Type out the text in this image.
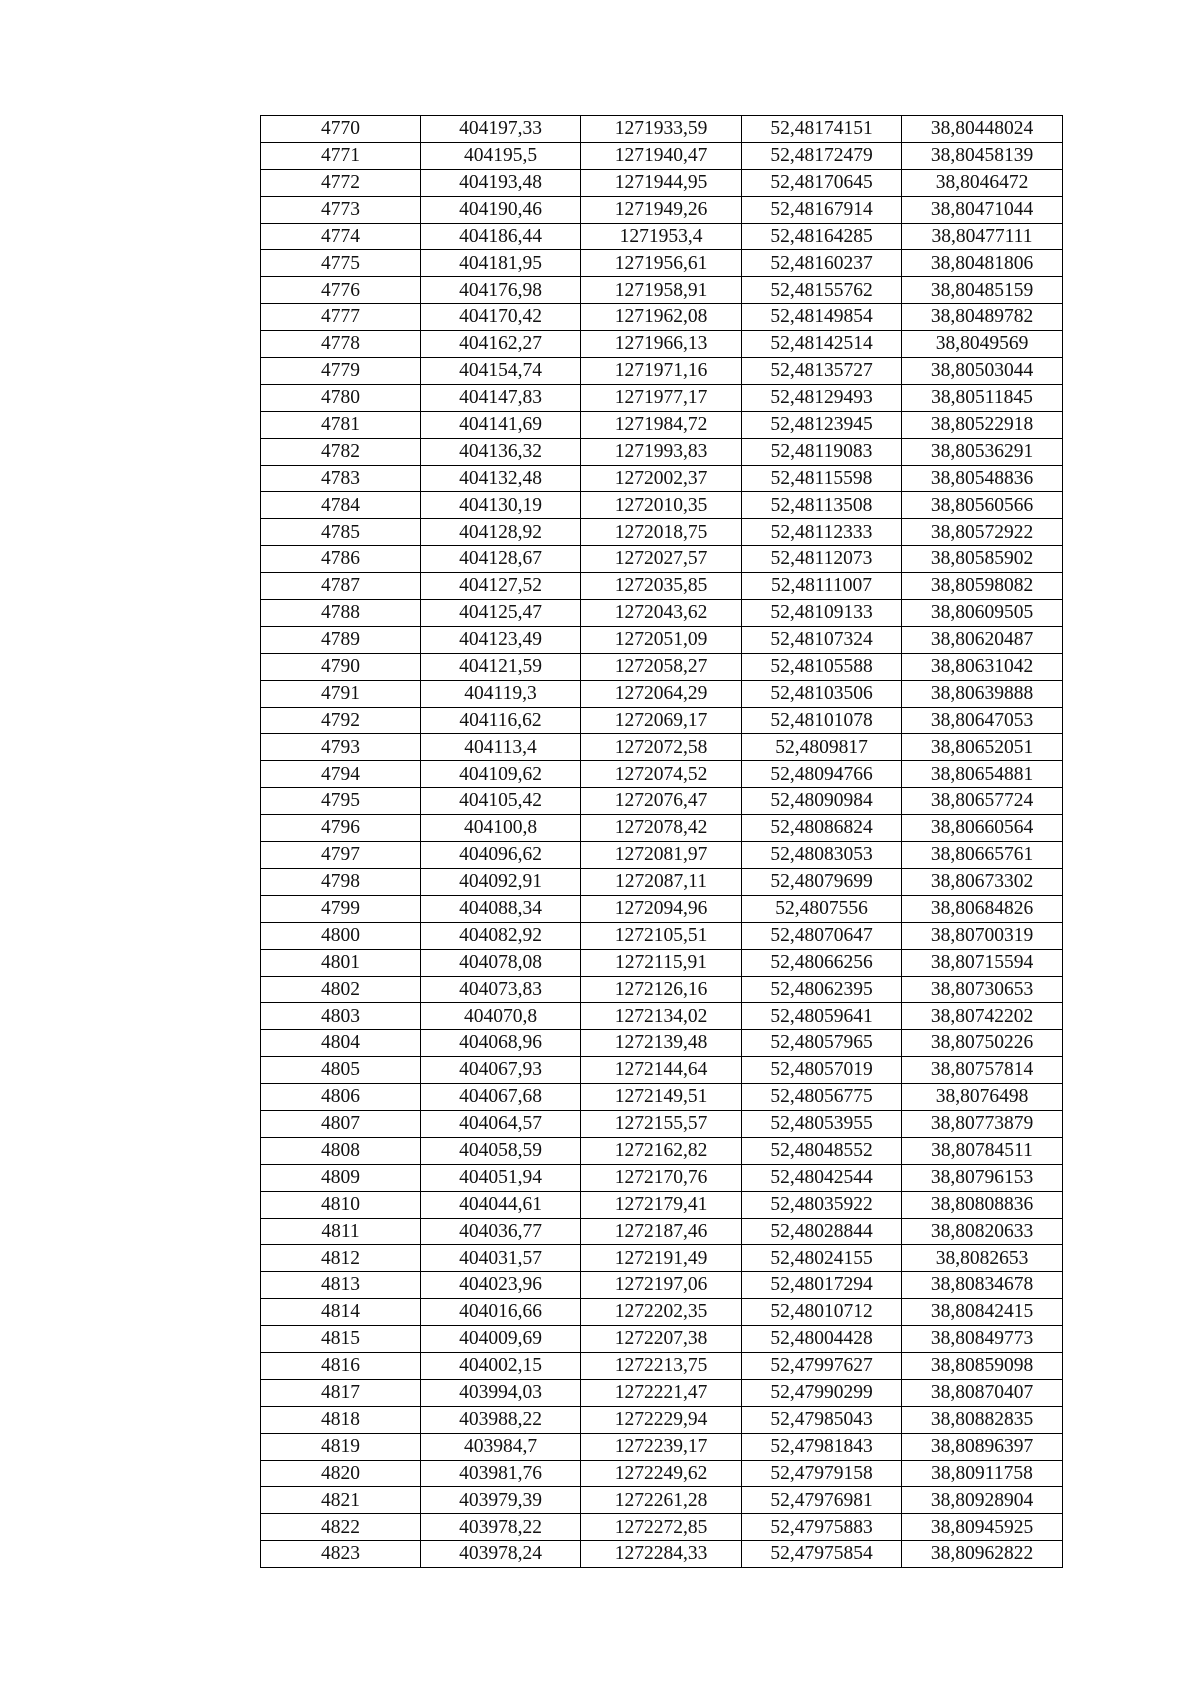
4770	404197,33	1271933,59	52,48174151	38,80448024
4771	404195,5	1271940,47	52,48172479	38,80458139
4772	404193,48	1271944,95	52,48170645	38,8046472
4773	404190,46	1271949,26	52,48167914	38,80471044
4774	404186,44	1271953,4	52,48164285	38,80477111
4775	404181,95	1271956,61	52,48160237	38,80481806
4776	404176,98	1271958,91	52,48155762	38,80485159
4777	404170,42	1271962,08	52,48149854	38,80489782
4778	404162,27	1271966,13	52,48142514	38,8049569
4779	404154,74	1271971,16	52,48135727	38,80503044
4780	404147,83	1271977,17	52,48129493	38,80511845
4781	404141,69	1271984,72	52,48123945	38,80522918
4782	404136,32	1271993,83	52,48119083	38,80536291
4783	404132,48	1272002,37	52,48115598	38,80548836
4784	404130,19	1272010,35	52,48113508	38,80560566
4785	404128,92	1272018,75	52,48112333	38,80572922
4786	404128,67	1272027,57	52,48112073	38,80585902
4787	404127,52	1272035,85	52,48111007	38,80598082
4788	404125,47	1272043,62	52,48109133	38,80609505
4789	404123,49	1272051,09	52,48107324	38,80620487
4790	404121,59	1272058,27	52,48105588	38,80631042
4791	404119,3	1272064,29	52,48103506	38,80639888
4792	404116,62	1272069,17	52,48101078	38,80647053
4793	404113,4	1272072,58	52,4809817	38,80652051
4794	404109,62	1272074,52	52,48094766	38,80654881
4795	404105,42	1272076,47	52,48090984	38,80657724
4796	404100,8	1272078,42	52,48086824	38,80660564
4797	404096,62	1272081,97	52,48083053	38,80665761
4798	404092,91	1272087,11	52,48079699	38,80673302
4799	404088,34	1272094,96	52,4807556	38,80684826
4800	404082,92	1272105,51	52,48070647	38,80700319
4801	404078,08	1272115,91	52,48066256	38,80715594
4802	404073,83	1272126,16	52,48062395	38,80730653
4803	404070,8	1272134,02	52,48059641	38,80742202
4804	404068,96	1272139,48	52,48057965	38,80750226
4805	404067,93	1272144,64	52,48057019	38,80757814
4806	404067,68	1272149,51	52,48056775	38,8076498
4807	404064,57	1272155,57	52,48053955	38,80773879
4808	404058,59	1272162,82	52,48048552	38,80784511
4809	404051,94	1272170,76	52,48042544	38,80796153
4810	404044,61	1272179,41	52,48035922	38,80808836
4811	404036,77	1272187,46	52,48028844	38,80820633
4812	404031,57	1272191,49	52,48024155	38,8082653
4813	404023,96	1272197,06	52,48017294	38,80834678
4814	404016,66	1272202,35	52,48010712	38,80842415
4815	404009,69	1272207,38	52,48004428	38,80849773
4816	404002,15	1272213,75	52,47997627	38,80859098
4817	403994,03	1272221,47	52,47990299	38,80870407
4818	403988,22	1272229,94	52,47985043	38,80882835
4819	403984,7	1272239,17	52,47981843	38,80896397
4820	403981,76	1272249,62	52,47979158	38,80911758
4821	403979,39	1272261,28	52,47976981	38,80928904
4822	403978,22	1272272,85	52,47975883	38,80945925
4823	403978,24	1272284,33	52,47975854	38,80962822
